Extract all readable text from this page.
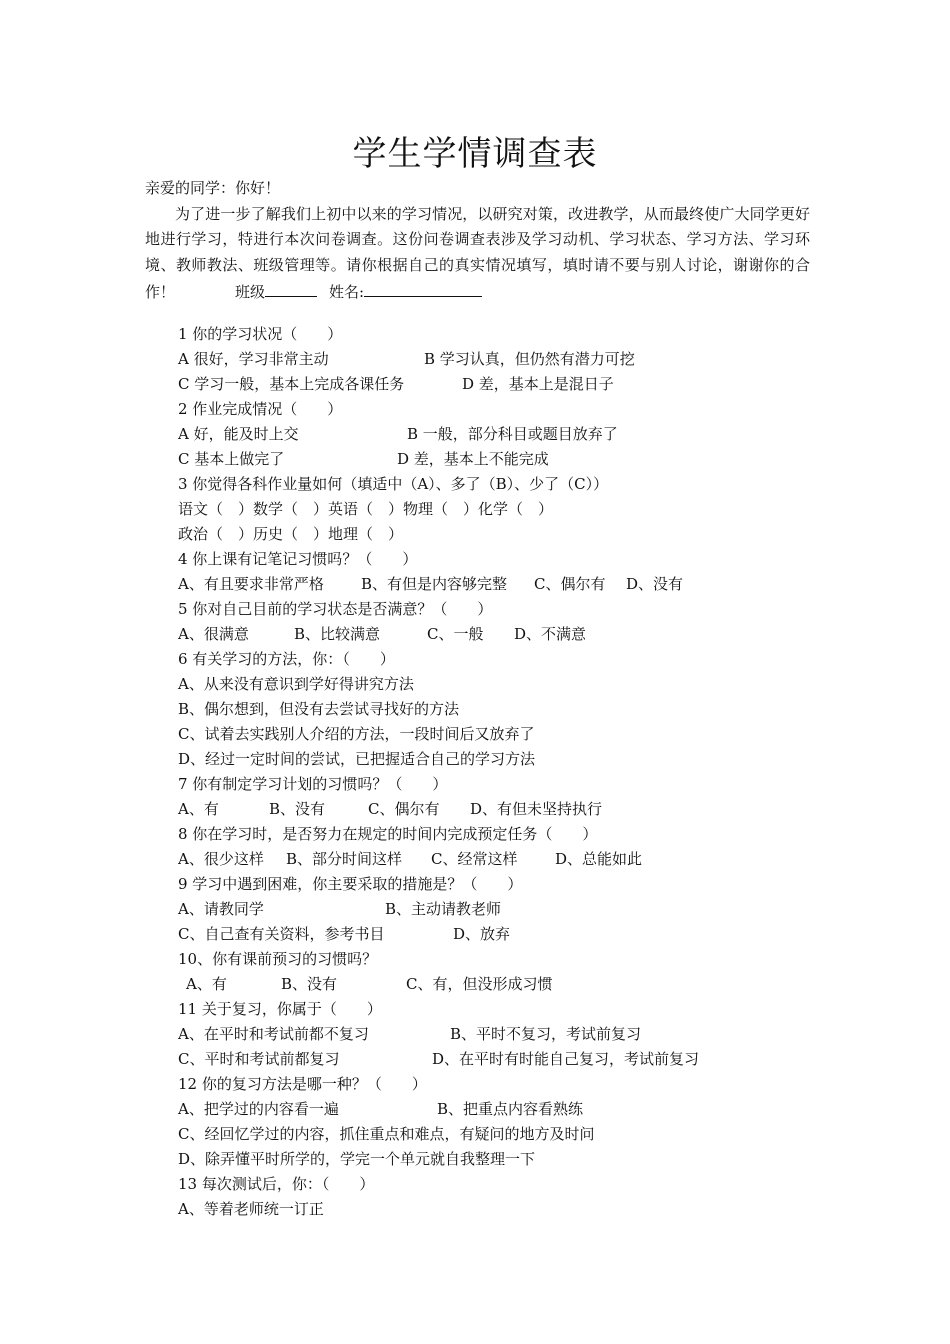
学生学情调查表

亲爱的同学：你好！

为了进一步了解我们上初中以来的学习情况，以研究对策，改进教学，从而最终使广大同学更好地进行学习，特进行本次问卷调查。这份问卷调查表涉及学习动机、学习状态、学习方法、学习环境、教师教法、班级管理等。请你根据自己的真实情况填写，填时请不要与别人讨论，谢谢你的合作！	班级	姓名:

1 你的学习状况（　　）
A 很好，学习非常主动	B 学习认真，但仍然有潜力可挖
C 学习一般，基本上完成各课任务	D 差，基本上是混日子
2 作业完成情况（　　）
A 好，能及时上交	B 一般，部分科目或题目放弃了
C 基本上做完了	D 差，基本上不能完成
3 你觉得各科作业量如何（填适中（A）、多了（B）、少了（C））
语文（　）数学（　）英语（　）物理（　）化学（　）
政治（　）历史（　）地理（　）
4 你上课有记笔记习惯吗？（　　）
A、有且要求非常严格 B、有但是内容够完整 C、偶尔有 D、没有
5 你对自己目前的学习状态是否满意？（　　）
A、很满意	B、比较满意	C、一般 D、不满意
6 有关学习的方法，你：（　　）
A、从来没有意识到学好得讲究方法
B、偶尔想到，但没有去尝试寻找好的方法
C、试着去实践别人介绍的方法，一段时间后又放弃了
D、经过一定时间的尝试，已把握适合自己的学习方法
7 你有制定学习计划的习惯吗？（　　）
A、有	B、没有	C、偶尔有 D、有但未坚持执行
8 你在学习时，是否努力在规定的时间内完成预定任务（　　）
A、很少这样 B、部分时间这样 C、经常这样	D、总能如此
9 学习中遇到困难，你主要采取的措施是？（　　）
A、请教同学	B、主动请教老师
C、自己查有关资料，参考书目	D、放弃
10、你有课前预习的习惯吗？
A、有	B、没有	C、有，但没形成习惯
11 关于复习，你属于（　　）
A、在平时和考试前都不复习	B、平时不复习，考试前复习
C、平时和考试前都复习	D、在平时有时能自己复习，考试前复习
12 你的复习方法是哪一种？（　　）
A、把学过的内容看一遍	B、把重点内容看熟练
C、经回忆学过的内容，抓住重点和难点，有疑问的地方及时问
D、除弄懂平时所学的，学完一个单元就自我整理一下
13 每次测试后，你：（　　）
A、等着老师统一订正
